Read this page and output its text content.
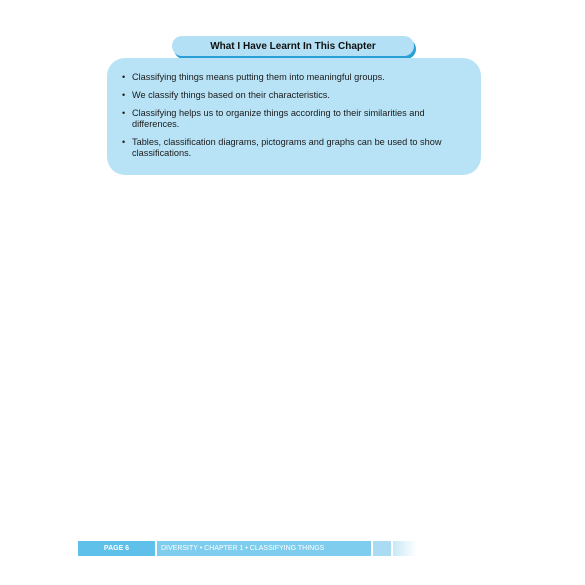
What I Have Learnt In This Chapter
• Classifying things means putting them into meaningful groups.
• We classify things based on their characteristics.
• Classifying helps us to organize things according to their similarities and differences.
• Tables, classification diagrams, pictograms and graphs can be used to show classifications.
PAGE 6	DIVERSITY • CHAPTER 1 • CLASSIFYING THINGS
